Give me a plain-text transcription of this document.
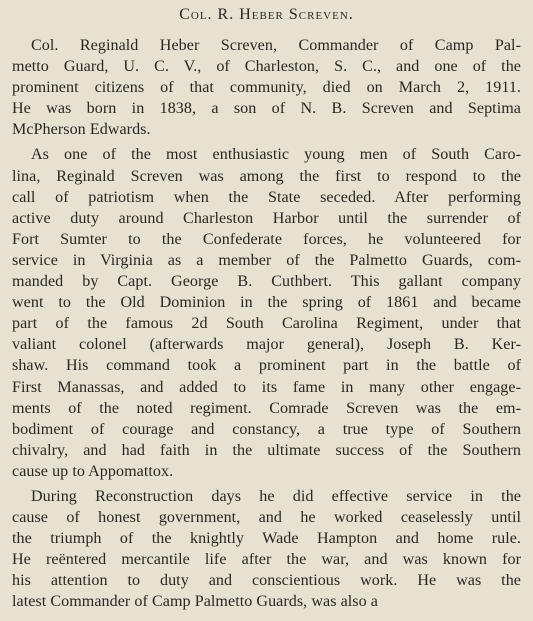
Col. R. Heber Screven.

Col. Reginald Heber Screven, Commander of Camp Pal-
metto Guard, U. C. V., of Charleston, S. C., and one of the
prominent citizens of that community, died on March 2, 1911.
He was born in 1838, a son of N. B. Screven and Septima
McPherson Edwards.

As one of the most enthusiastic young men of South Caro-
lina, Reginald Screven was among the first to respond to the
call of patriotism when the State seceded. After performing
active duty around Charleston Harbor until the surrender of
Fort Sumter to the Confederate forces, he volunteered for
service in Virginia as a member of the Palmetto Guards, com-
manded by Capt. George B. Cuthbert. This gallant company
went to the Old Dominion in the spring of 1861 and became
part of the famous 2d South Carolina Regiment, under that
valiant colonel (afterwards major general), Joseph B. Ker-
shaw. His command took a prominent part in the battle of
First Manassas, and added to its fame in many other engage-
ments of the noted regiment. Comrade Screven was the em-
bodiment of courage and constancy, a true type of Southern
chivalry, and had faith in the ultimate success of the Southern
cause up to Appomattox.

During Reconstruction days he did effective service in the
cause of honest government, and he worked ceaselessly until
the triumph of the knightly Wade Hampton and home rule.
He reëntered mercantile life after the war, and was known for
his attention to duty and conscientious work. He was the
latest Commander of Camp Palmetto Guards, was also a
